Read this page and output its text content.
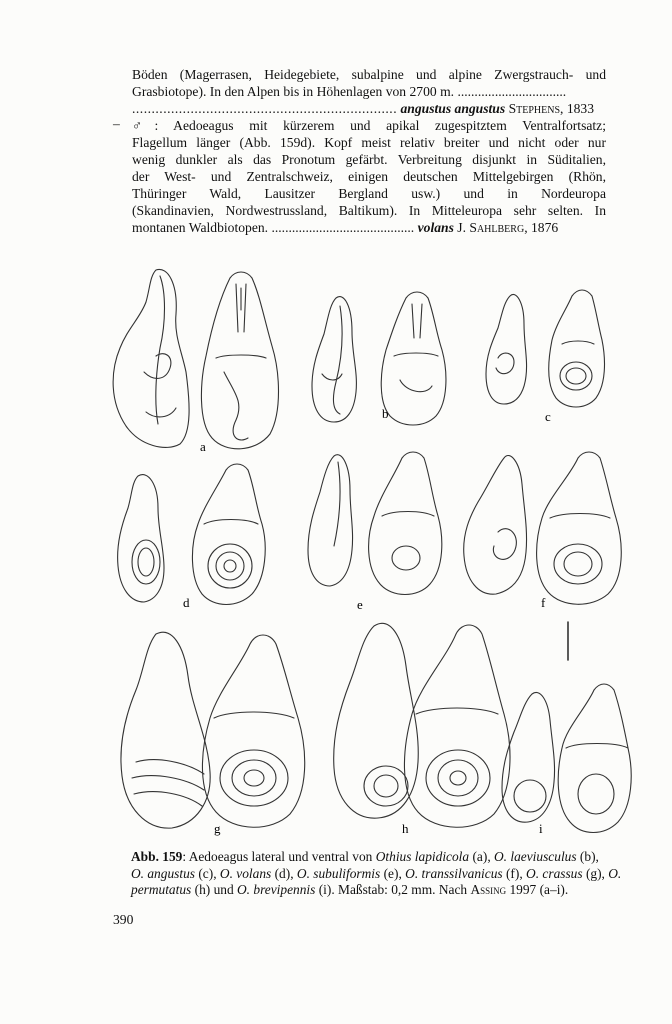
Böden (Magerrasen, Heidegebiete, subalpine und alpine Zwergstrauch- und
Grasbiotope). In den Alpen bis in Höhenlagen von 2700 m. ................................
.................................................................... angustus angustus Stephens, 1833
– ♂: Aedoeagus mit kürzerem und apikal zugespitztem Ventralfortsatz;
Flagellum länger (Abb. 159d). Kopf meist relativ breiter und nicht oder nur
wenig dunkler als das Pronotum gefärbt. Verbreitung disjunkt in Süditalien,
der West- und Zentralschweiz, einigen deutschen Mittelgebirgen (Rhön,
Thüringer Wald, Lausitzer Bergland usw.) und in Nordeuropa
(Skandinavien, Nordwestrussland, Baltikum). In Mitteleuropa sehr selten. In
montanen Waldbiotopen. .......................................... volans J. Sahlberg, 1876
a
b	c
d	e	f
g	h	i
Abb. 159: Aedoeagus lateral und ventral von Othius lapidicola (a), O. laeviusculus (b),
O. angustus (c), O. volans (d), O. subuliformis (e), O. transsilvanicus (f), O. crassus (g), O.
permutatus (h) und O. brevipennis (i). Maßstab: 0,2 mm. Nach Assing 1997 (a–i).
390
